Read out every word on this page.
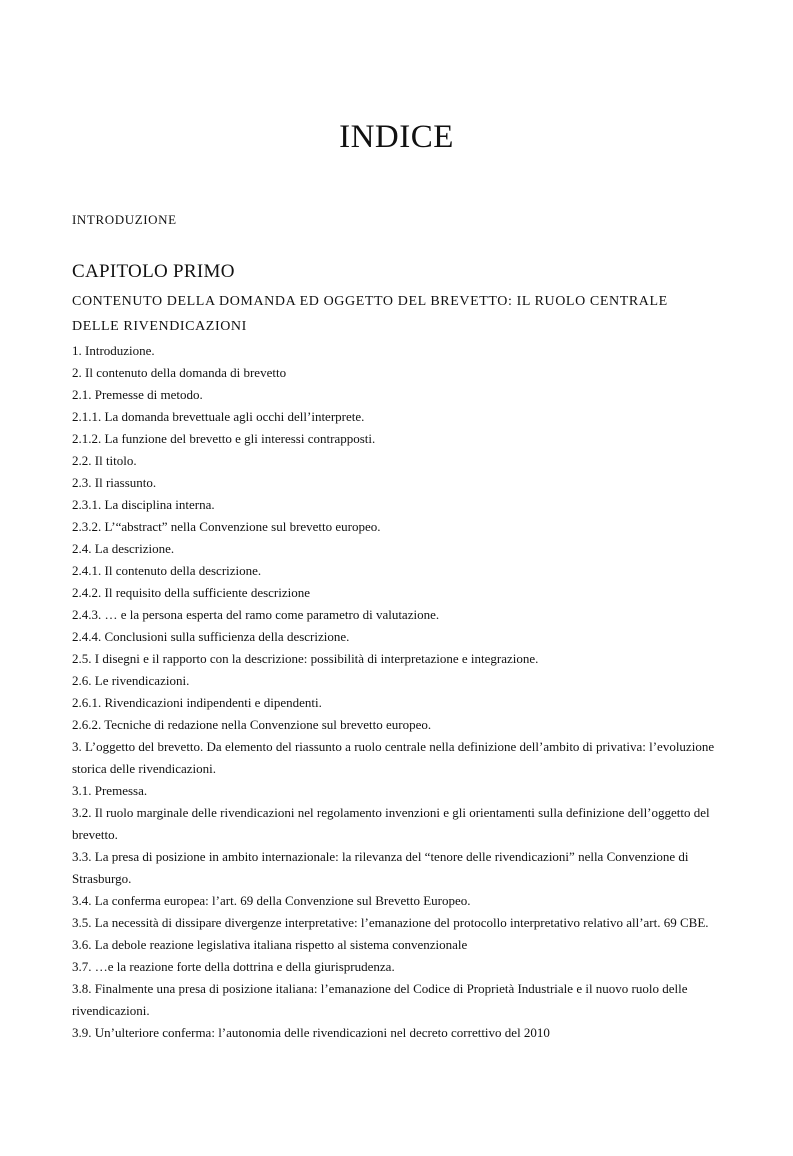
INDICE
INTRODUZIONE
CAPITOLO PRIMO
CONTENUTO DELLA DOMANDA ED OGGETTO DEL BREVETTO: IL RUOLO CENTRALE
DELLE RIVENDICAZIONI
1. Introduzione.
2. Il contenuto della domanda di brevetto
2.1. Premesse di metodo.
2.1.1. La domanda brevettuale agli occhi dell’interprete.
2.1.2. La funzione del brevetto e gli interessi contrapposti.
2.2. Il titolo.
2.3. Il riassunto.
2.3.1. La disciplina interna.
2.3.2. L’“abstract” nella Convenzione sul brevetto europeo.
2.4. La descrizione.
2.4.1. Il contenuto della descrizione.
2.4.2. Il requisito della sufficiente descrizione
2.4.3. … e la persona esperta del ramo come parametro di valutazione.
2.4.4. Conclusioni sulla sufficienza della descrizione.
2.5. I disegni e il rapporto con la descrizione: possibilità di interpretazione e integrazione.
2.6. Le rivendicazioni.
2.6.1. Rivendicazioni indipendenti e dipendenti.
2.6.2. Tecniche di redazione nella Convenzione sul brevetto europeo.
3. L’oggetto del brevetto. Da elemento del riassunto a ruolo centrale nella definizione dell’ambito di privativa: l’evoluzione storica delle rivendicazioni.
3.1. Premessa.
3.2. Il ruolo marginale delle rivendicazioni nel regolamento invenzioni e gli orientamenti sulla definizione dell’oggetto del brevetto.
3.3. La presa di posizione in ambito internazionale: la rilevanza del “tenore delle rivendicazioni” nella Convenzione di Strasburgo.
3.4. La conferma europea: l’art. 69 della Convenzione sul Brevetto Europeo.
3.5. La necessità di dissipare divergenze interpretative: l’emanazione del protocollo interpretativo relativo all’art. 69 CBE.
3.6. La debole reazione legislativa italiana rispetto al sistema convenzionale
3.7. …e la reazione forte della dottrina e della giurisprudenza.
3.8. Finalmente una presa di posizione italiana: l’emanazione del Codice di Proprietà Industriale e il nuovo ruolo delle rivendicazioni.
3.9. Un’ulteriore conferma: l’autonomia delle rivendicazioni nel decreto correttivo del 2010
